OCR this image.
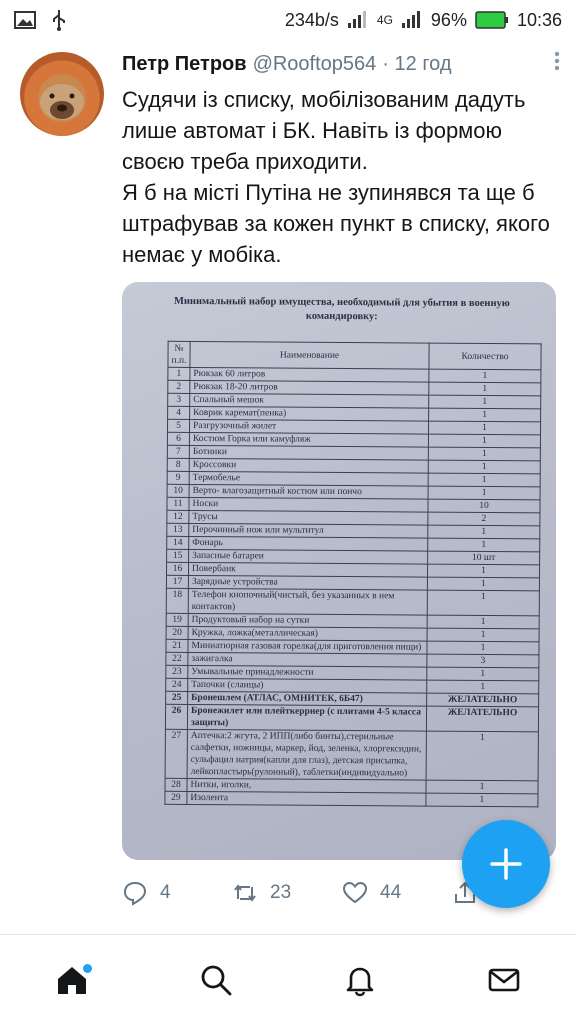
234b/s	4G 96%	10:36
Петр Петров @Rooftop564 · 12 год

Судячи із списку, мобілізованим дадуть лише автомат і БК. Навіть із формою своєю треба приходити.

Я б на місті Путіна не зупинявся та ще б штрафував за кожен пункт в списку, якого немає у мобіка.

Минимальный набор имущества, необходимый для убытия в военную командировку:
№ п.п.	Наименование	Количество
1	Рюкзак 60 литров	1
2	Рюкзак 18-20 литров	1
3	Спальный мешок	1
4	Коврик каремат(пенка)	1
5	Разгрузочный жилет	1
6	Костюм Горка или камуфляж	1
7	Ботинки	1
8	Кроссовки	1
9	Термобелье	1
10	Верто- влагозащитный костюм или пончо	1
11	Носки	10
12	Трусы	2
13	Перочинный нож или мультитул	1
14	Фонарь	1
15	Запасные батареи	10 шт
16	Повербанк	1
17	Зарядные устройства	1
18	Телефон кнопочный(чистый, без указанных в нем контактов)	1
19	Продуктовый набор на сутки	1
20	Кружка, ложка(металлическая)	1
21	Миниатюрная газовая горелка(для приготовления пищи)	1
22	зажигалка	3
23	Умывальные принадлежности	1
24	Тапочки (сланцы)	1
25	Бронешлем (АТЛАС, ОМНИТЕК, 6Б47)	ЖЕЛАТЕЛЬНО
26	Бронежилет или плейткеррнер (с плитами 4-5 класса защиты)	ЖЕЛАТЕЛЬНО
27	Аптечка:2 жгута, 2 ИПП(либо бинты),стерильные салфетки, ножницы, маркер, йод, зеленка, хлоргексидин, сульфацил натрия(капли для глаз), детская присыпка, лейкопластырь(рулонный), таблетки(индивидуально)	1
28	Нитки, иголки,	1
29	Изолента	1
4	23	44
